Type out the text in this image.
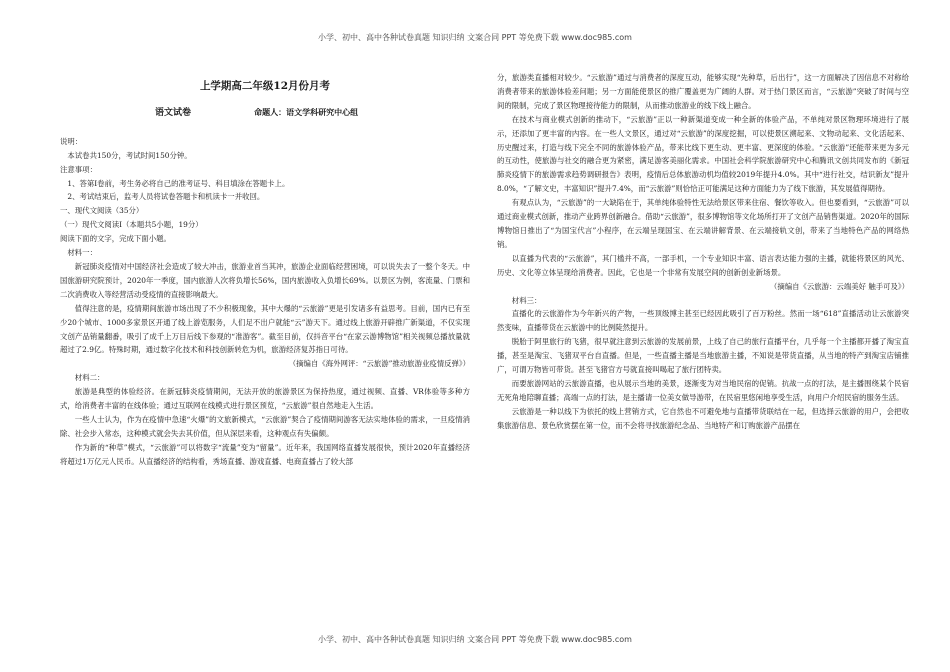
小学、初中、高中各种试卷真题 知识归纳 文案合同 PPT 等免费下载 www.doc985.com
上学期高二年级12月份月考
语文试卷	命题人：语文学科研究中心组

说明：

本试卷共150分，考试时间150分钟。

注意事项：

1、答第Ⅰ卷前，考生务必将自己的准考证号、科目填涂在答题卡上。

2、考试结束后，监考人员将试卷答题卡和机读卡一并收回。

一、现代文阅读（35分）

（一）现代文阅读Ⅰ（本题共5小题，19分）

阅读下面的文字，完成下面小题。

材料一：

新冠肺炎疫情对中国经济社会造成了较大冲击，旅游业首当其冲，旅游企业面临经营困境，可以说失去了一整个冬天。中国旅游研究院预计，2020年一季度，国内旅游人次将负增长56%，国内旅游收入负增长69%。以景区为例，客流量、门票和二次消费收入等经营活动受疫情的直接影响最大。

值得注意的是，疫情期间旅游市场出现了不少积极现象，其中大爆的“云旅游”更是引发诸多有益思考。目前，国内已有至少20个城市、1000多家景区开通了线上游览服务，人们足不出户就能“云”游天下。通过线上旅游开辟推广新渠道，不仅实现文创产品销量翻番，吸引了成千上万目后线下参观的“准游客”。截至目前，仅抖音平台“在家云游博物馆”相关视频总播放量就超过了2.9亿。特殊时期，通过数字化技术和科技创新转危为机，旅游经济复苏指日可待。

（摘编自《海外网评：“云旅游”推动旅游业疫情反弹》）

材料二：

旅游是典型的体验经济。在新冠肺炎疫情期间，无法开放的旅游景区为保持热度，通过视频、直播、VR体验等多种方式，给消费者丰富的在线体验；通过互联网在线模式进行景区预览，“云旅游”很自然地走入生活。

一些人士认为，作为在疫情中急速“火爆”的文旅新模式，“云旅游”契合了疫情期间游客无法实地体验的需求，一旦疫情消除、社会步入常态，这种模式就会失去其价值，但从深层来看，这种观点有失偏颇。

作为新的“种草”模式，“云旅游”可以将数字“流量”变为“留量”。近年来，我国网络直播发展很快，预计2020年直播经济将超过1万亿元人民币。从直播经济的结构看，秀场直播、游戏直播、电商直播占了较大部

分，旅游类直播相对较少。“云旅游”通过与消费者的深度互动，能够实现“先种草，后出行”，这一方面解决了因信息不对称给消费者带来的旅游体验差问题；另一方面能使景区的推广覆盖更为广阔的人群。对于热门景区而言，“云旅游”突破了时间与空间的限制，完成了景区物理接待能力的限制，从而推动旅游业的线下线上融合。

在技术与商业模式创新的推动下，“云旅游”正以一种新渠道变成一种全新的体验产品，不单纯对景区物理环境进行了展示，还添加了更丰富的内容。在一些人文景区，通过对“云旅游”的深度挖掘，可以使景区溯起来、文物动起来、文化活起来、历史醒过来，打造与线下完全不同的旅游体验产品，带来比线下更生动、更丰富、更深度的体验。“云旅游”还能带来更为多元的互动性，使旅游与社交的融合更为紧密，满足游客美丽化需求。中国社会科学院旅游研究中心和腾讯文创共同发布的《新冠肺炎疫情下的旅游需求趋势调研报告》表明，疫情后总体旅游动机均值较2019年提升4.0%。其中“进行社交，结识新友”提升8.0%，“了解文史，丰富知识”提升7.4%，而“云旅游”则恰恰正可能满足这种方面能力为了线下旅游，其发展值得期待。

有观点认为，“云旅游”的一大缺陷在于，其单纯体验特性无法给景区带来住宿、餐饮等收入。但也要看到，“云旅游”可以通过商业模式创新，推动产业跨界创新融合。借助“云旅游”，很多博物馆等文化场所打开了文创产品销售渠道。2020年的国际博物馆日推出了“为国宝代言”小程序，在云端呈现国宝、在云端讲解背景、在云端接轨文创，带来了当地特色产品的网络热销。

以直播为代表的“云旅游”，其门槛并不高，一部手机，一个专业知识丰富、语言表达能力强的主播，就能将景区的风光、历史、文化等立体呈现给消费者。因此，它也是一个非常有发展空间的创新创业新场景。

（摘编自《云旅游：云端美好 触手可及》）

材料三：

直播化的云旅游作为今年新兴的产物，一些顶级博主甚至已经因此吸引了百万粉丝。然而一场“618”直播活动让云旅游突然变味，直播带货在云旅游中的比例陡然提升。

脱胎于阿里旅行的飞猪，很早就注意到云旅游的发展前景，上线了自己的旅行直播平台，几乎每一个主播都开播了淘宝直播，甚至是淘宝、飞猪双平台自直播。但是，一些直播主播是当地旅游主播，不知说是带货直播，从当地的特产到淘宝店铺推广，可谓万物皆可带货。甚至飞猪官方号就直接叫喝起了旅行团特卖。

而要旅游网站的云旅游直播，也从展示当地的美景，逐渐变为对当地民宿的促销。抗战一点的打法，是主播围绕某个民宿无死角地陪聊直播；高端一点的打法，是主播请一位美女做导游带，在民宿里悠闲地享受生活，向用户介绍民宿的服务生活。

云旅游是一种以线下为依托的线上营销方式，它自然也不可避免地与直播带货联结在一起，但选择云旅游的用户，会把收集旅游信息、景色欣赏摆在第一位，而不会将寻找旅游纪念品、当地特产和订购旅游产品摆在

小学、初中、高中各种试卷真题 知识归纳 文案合同 PPT 等免费下载 www.doc985.com
